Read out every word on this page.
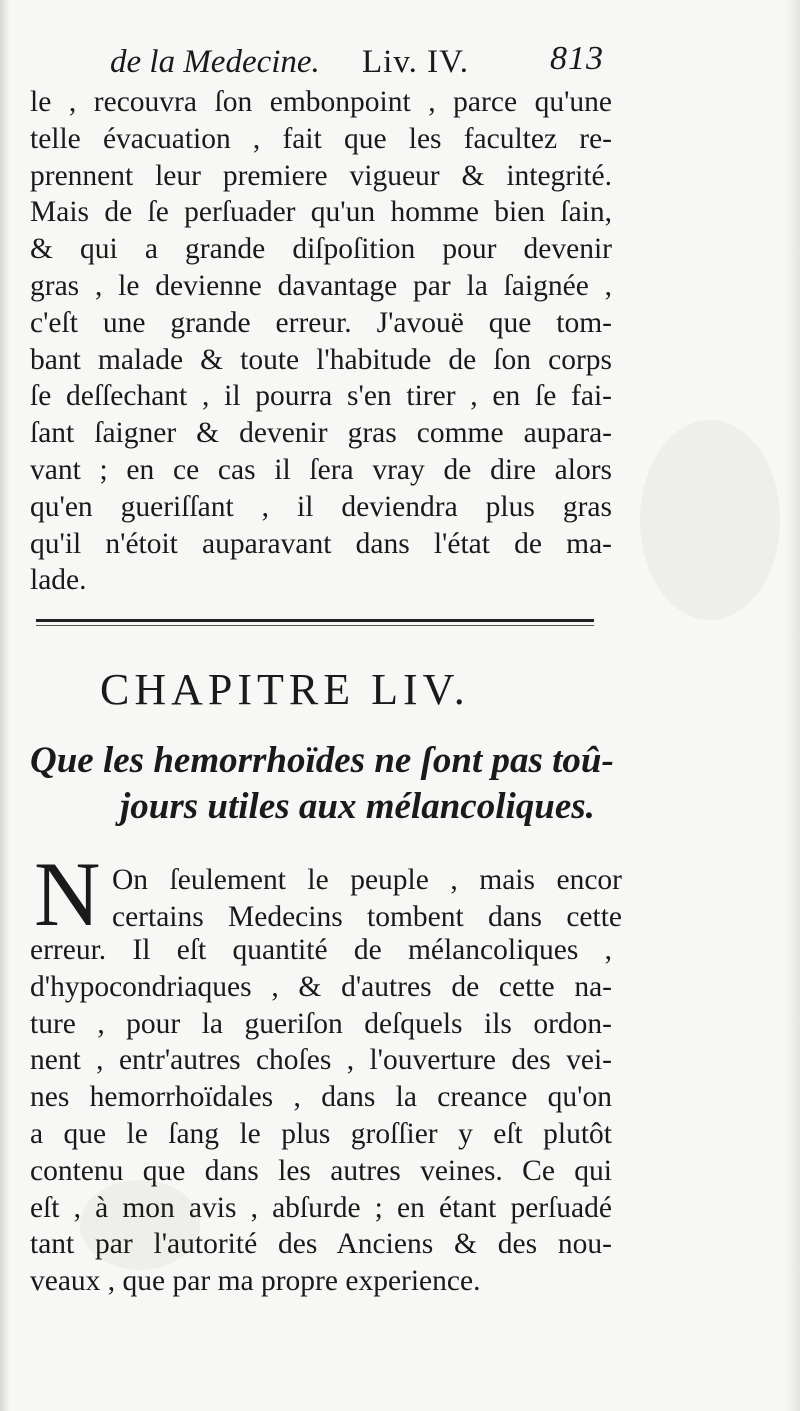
de la Medecine. Liv. IV. 813
le , recouvra ſon embonpoint , parce qu'une
telle évacuation , fait que les facultez re-
prennent leur premiere vigueur & integrité.
Mais de ſe perſuader qu'un homme bien ſain,
& qui a grande diſpoſition pour devenir
gras , le devienne davantage par la ſaignée ,
c'eſt une grande erreur. J'avouë que tom-
bant malade & toute l'habitude de ſon corps
ſe deſſechant , il pourra s'en tirer , en ſe fai-
ſant ſaigner & devenir gras comme aupara-
vant ; en ce cas il ſera vray de dire alors
qu'en gueriſſant , il deviendra plus gras
qu'il n'étoit auparavant dans l'état de ma-
lade.
CHAPITRE LIV.
Que les hemorrhoïdes ne ſont pas toû-
jours utiles aux mélancoliques.
N On ſeulement le peuple , mais encor
certains Medecins tombent dans cette
erreur. Il eſt quantité de mélancoliques ,
d'hypocondriaques , & d'autres de cette na-
ture , pour la gueriſon deſquels ils ordon-
nent , entr'autres choſes , l'ouverture des vei-
nes hemorrhoïdales , dans la creance qu'on
a que le ſang le plus groſſier y eſt plutôt
contenu que dans les autres veines. Ce qui
eſt , à mon avis , abſurde ; en étant perſuadé
tant par l'autorité des Anciens & des nou-
veaux , que par ma propre experience.
